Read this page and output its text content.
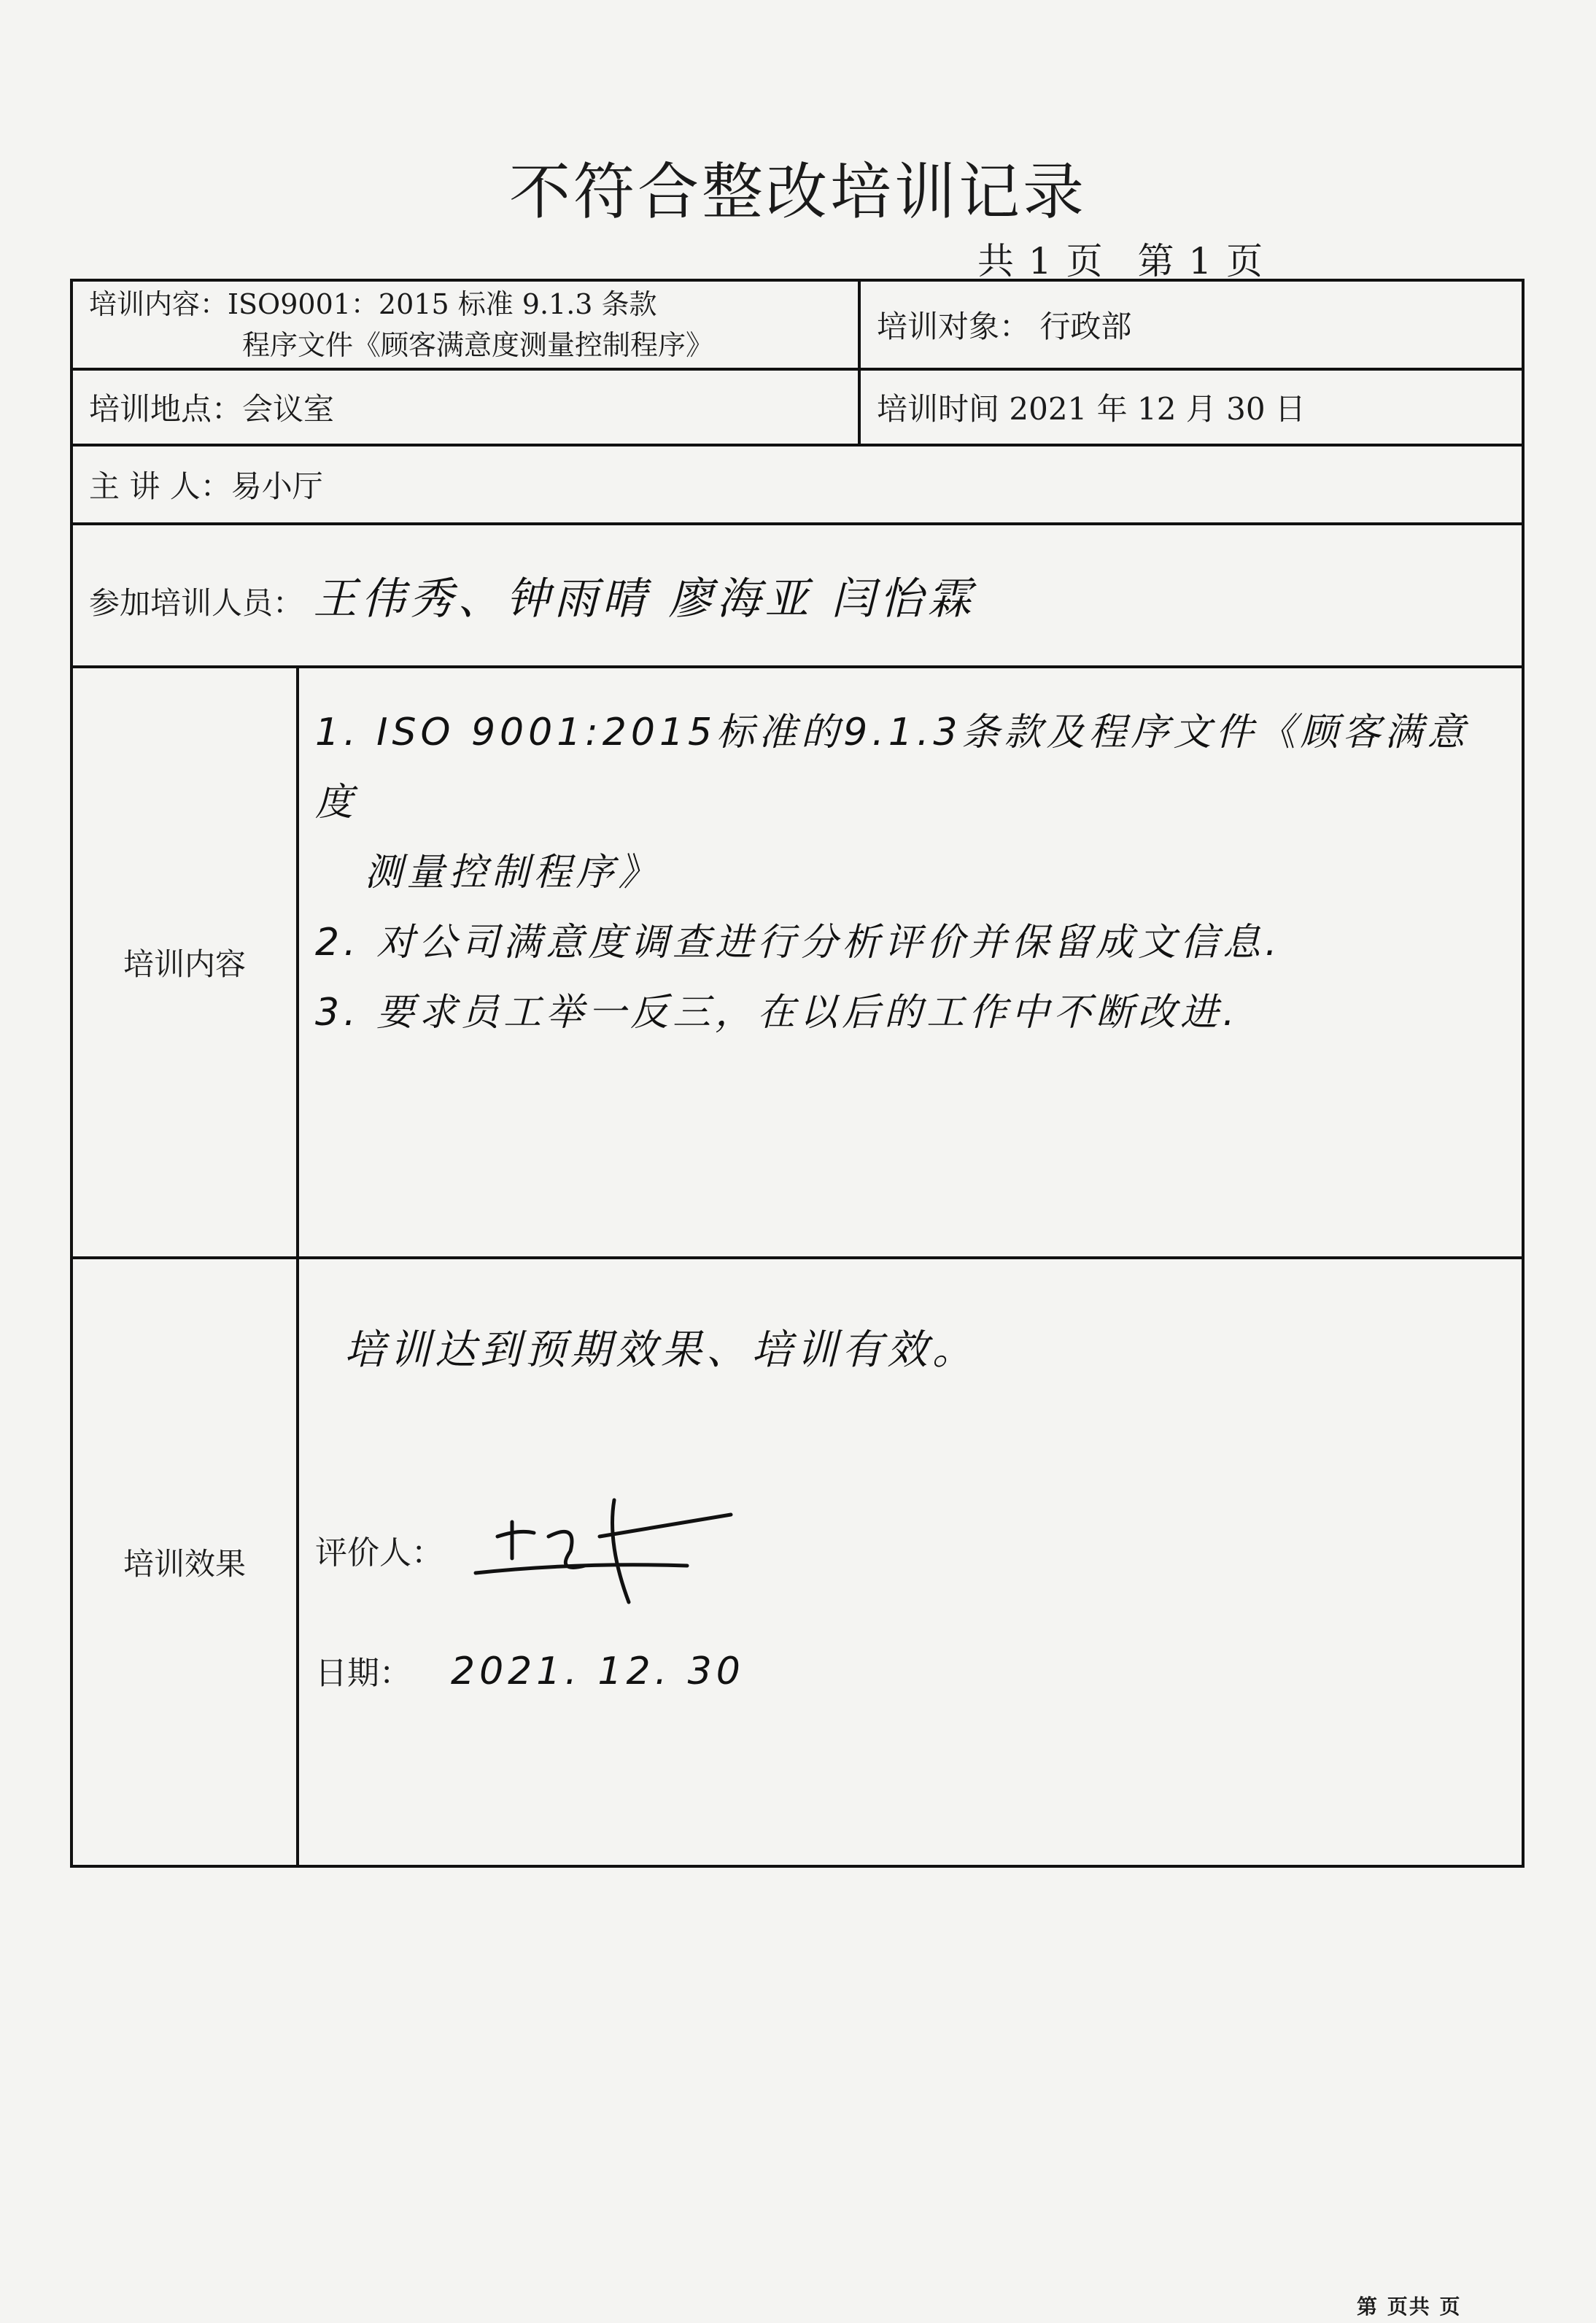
不符合整改培训记录
共 1 页 第 1 页
培训内容：ISO9001：2015 标准 9.1.3 条款
程序文件《顾客满意度测量控制程序》		培训对象： 行政部
培训地点：会议室		培训时间 2021 年 12 月 30 日
主 讲 人：易小厅		
参加培训人员： 王伟秀、钟雨晴 廖海亚 闫怡霖		
培训内容	1. ISO 9001:2015标准的9.1.3条款及程序文件《顾客满意度
测量控制程序》
2. 对公司满意度调查进行分析评价并保留成文信息.
3. 要求员工举一反三，在以后的工作中不断改进.	

培训效果	培训达到预期效果、培训有效。
评价人：
日期： 2021. 12. 30	
第 页共 页
